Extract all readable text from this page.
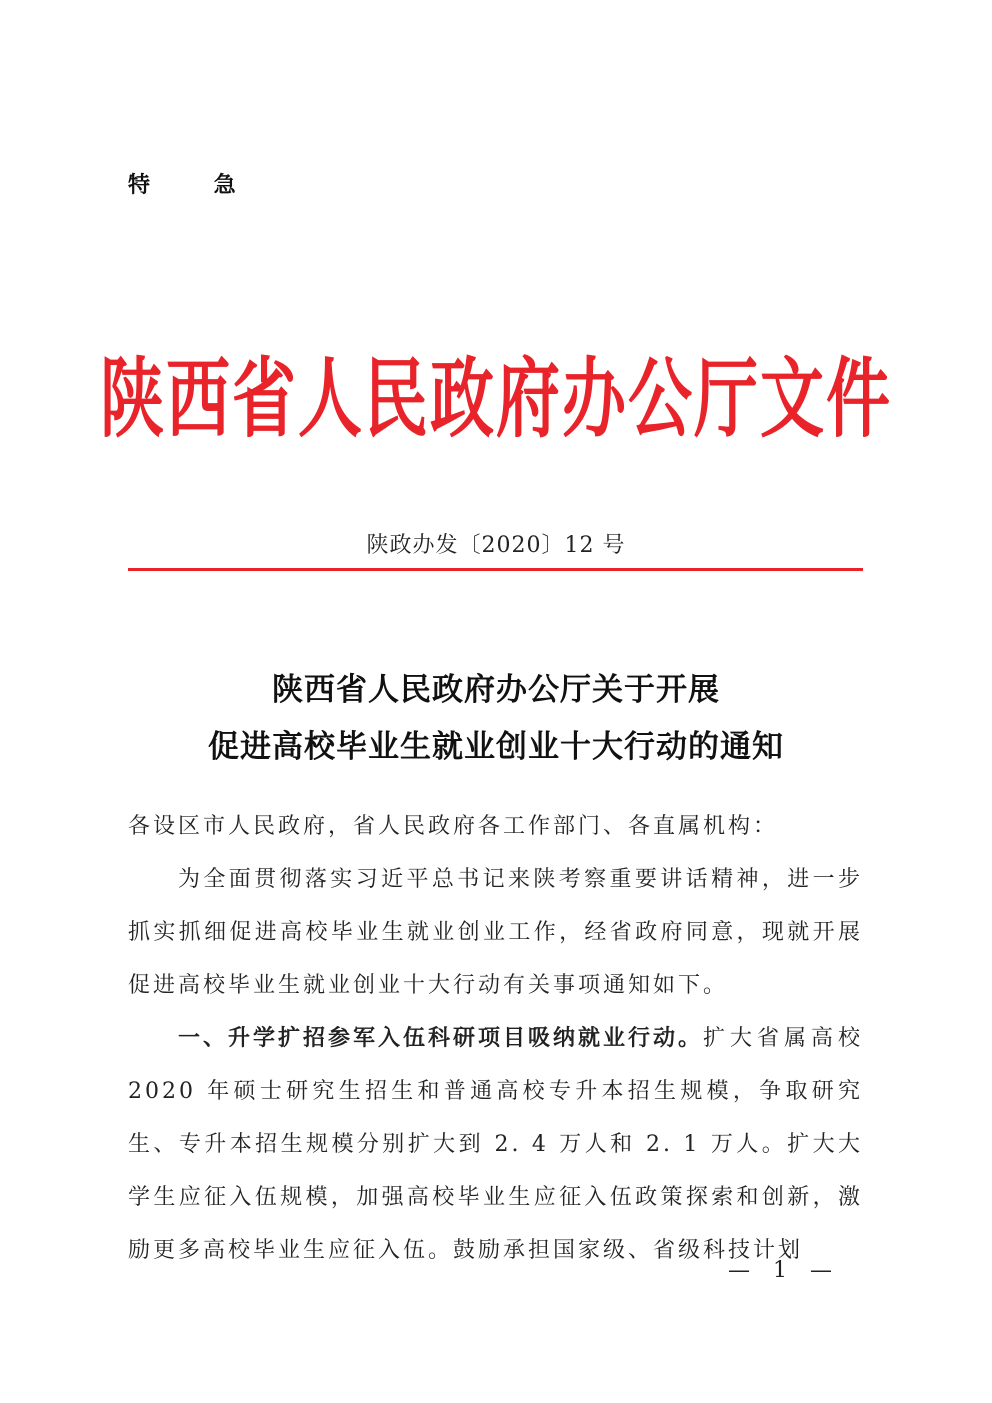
特 急
陕西省人民政府办公厅文件
陕政办发〔2020〕12 号
陕西省人民政府办公厅关于开展
促进高校毕业生就业创业十大行动的通知

各设区市人民政府，省人民政府各工作部门、各直属机构：

为全面贯彻落实习近平总书记来陕考察重要讲话精神，进一步抓实抓细促进高校毕业生就业创业工作，经省政府同意，现就开展促进高校毕业生就业创业十大行动有关事项通知如下。

一、升学扩招参军入伍科研项目吸纳就业行动。扩大省属高校 2020 年硕士研究生招生和普通高校专升本招生规模，争取研究生、专升本招生规模分别扩大到 2. 4 万人和 2. 1 万人。扩大大学生应征入伍规模，加强高校毕业生应征入伍政策探索和创新，激励更多高校毕业生应征入伍。鼓励承担国家级、省级科技计划

— 1 —
